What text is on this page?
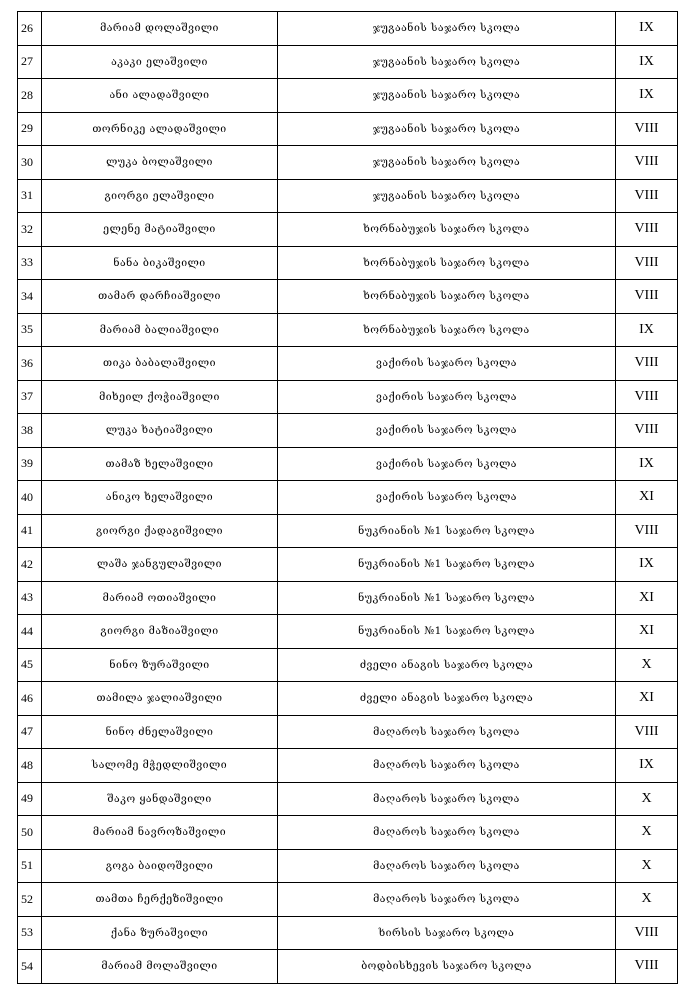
26	მარიამ დოლაშვილი	ჯუგაანის საჯარო სკოლა	IX
27	აკაკი ელაშვილი	ჯუგაანის საჯარო სკოლა	IX
28	ანი ალადაშვილი	ჯუგაანის საჯარო სკოლა	IX
29	თორნიკე ალადაშვილი	ჯუგაანის საჯარო სკოლა	VIII
30	ლუკა ბოლაშვილი	ჯუგაანის საჯარო სკოლა	VIII
31	გიორგი ელაშვილი	ჯუგაანის საჯარო სკოლა	VIII
32	ელენე მატიაშვილი	ხორნაბუჯის საჯარო სკოლა	VIII
33	ნანა ბიკაშვილი	ხორნაბუჯის საჯარო სკოლა	VIII
34	თამარ დარჩიაშვილი	ხორნაბუჯის საჯარო სკოლა	VIII
35	მარიამ ბალიაშვილი	ხორნაბუჯის საჯარო სკოლა	IX
36	თიკა ბაბალაშვილი	ვაქირის საჯარო სკოლა	VIII
37	მიხეილ ქოჭიაშვილი	ვაქირის საჯარო სკოლა	VIII
38	ლუკა ხატიაშვილი	ვაქირის საჯარო სკოლა	VIII
39	თამაზ ხელაშვილი	ვაქირის საჯარო სკოლა	IX
40	ანიკო ხელაშვილი	ვაქირის საჯარო სკოლა	XI
41	გიორგი ქადაგიშვილი	ნუკრიანის №1 საჯარო სკოლა	VIII
42	ლაშა ჯანგულაშვილი	ნუკრიანის №1 საჯარო სკოლა	IX
43	მარიამ ოთიაშვილი	ნუკრიანის №1 საჯარო სკოლა	XI
44	გიორგი მაზიაშვილი	ნუკრიანის №1 საჯარო სკოლა	XI
45	ნინო ზურაშვილი	ძველი ანაგის საჯარო სკოლა	X
46	თამილა ჯალიაშვილი	ძველი ანაგის საჯარო სკოლა	XI
47	ნინო ძნელაშვილი	მაღაროს საჯარო სკოლა	VIII
48	სალომე მჭედლიშვილი	მაღაროს საჯარო სკოლა	IX
49	შაკო ყანდაშვილი	მაღაროს საჯარო სკოლა	X
50	მარიამ ნავროზაშვილი	მაღაროს საჯარო სკოლა	X
51	გოგა ბაიდოშვილი	მაღაროს საჯარო სკოლა	X
52	თამთა ჩერქეზიშვილი	მაღაროს საჯარო სკოლა	X
53	ქანა ზურაშვილი	ხირსის საჯარო სკოლა	VIII
54	მარიამ მოლაშვილი	ბოდბისხევის საჯარო სკოლა	VIII
